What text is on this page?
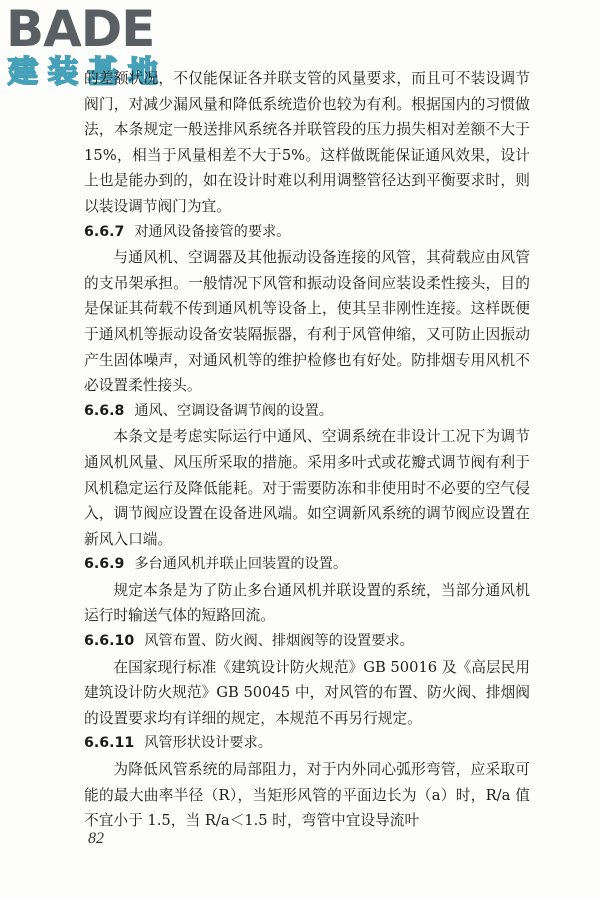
BADE
建装基地

的差额状况，不仅能保证各并联支管的风量要求，而且可不装设调节阀门，对减少漏风量和降低系统造价也较为有利。根据国内的习惯做法，本条规定一般送排风系统各并联管段的压力损失相对差额不大于15%，相当于风量相差不大于5%。这样做既能保证通风效果，设计上也是能办到的，如在设计时难以利用调整管径达到平衡要求时，则以装设调节阀门为宜。

6.6.7 对通风设备接管的要求。

与通风机、空调器及其他振动设备连接的风管，其荷载应由风管的支吊架承担。一般情况下风管和振动设备间应装设柔性接头，目的是保证其荷载不传到通风机等设备上，使其呈非刚性连接。这样既便于通风机等振动设备安装隔振器，有利于风管伸缩，又可防止因振动产生固体噪声，对通风机等的维护检修也有好处。防排烟专用风机不必设置柔性接头。

6.6.8 通风、空调设备调节阀的设置。

本条文是考虑实际运行中通风、空调系统在非设计工况下为调节通风机风量、风压所采取的措施。采用多叶式或花瓣式调节阀有利于风机稳定运行及降低能耗。对于需要防冻和非使用时不必要的空气侵入，调节阀应设置在设备进风端。如空调新风系统的调节阀应设置在新风入口端。

6.6.9 多台通风机并联止回装置的设置。

规定本条是为了防止多台通风机并联设置的系统，当部分通风机运行时输送气体的短路回流。

6.6.10 风管布置、防火阀、排烟阀等的设置要求。

在国家现行标准《建筑设计防火规范》GB 50016 及《高层民用建筑设计防火规范》GB 50045 中，对风管的布置、防火阀、排烟阀的设置要求均有详细的规定，本规范不再另行规定。

6.6.11 风管形状设计要求。

为降低风管系统的局部阻力，对于内外同心弧形弯管，应采取可能的最大曲率半径（R），当矩形风管的平面边长为（a）时，R/a 值不宜小于 1.5，当 R/a＜1.5 时，弯管中宜设导流叶

82
